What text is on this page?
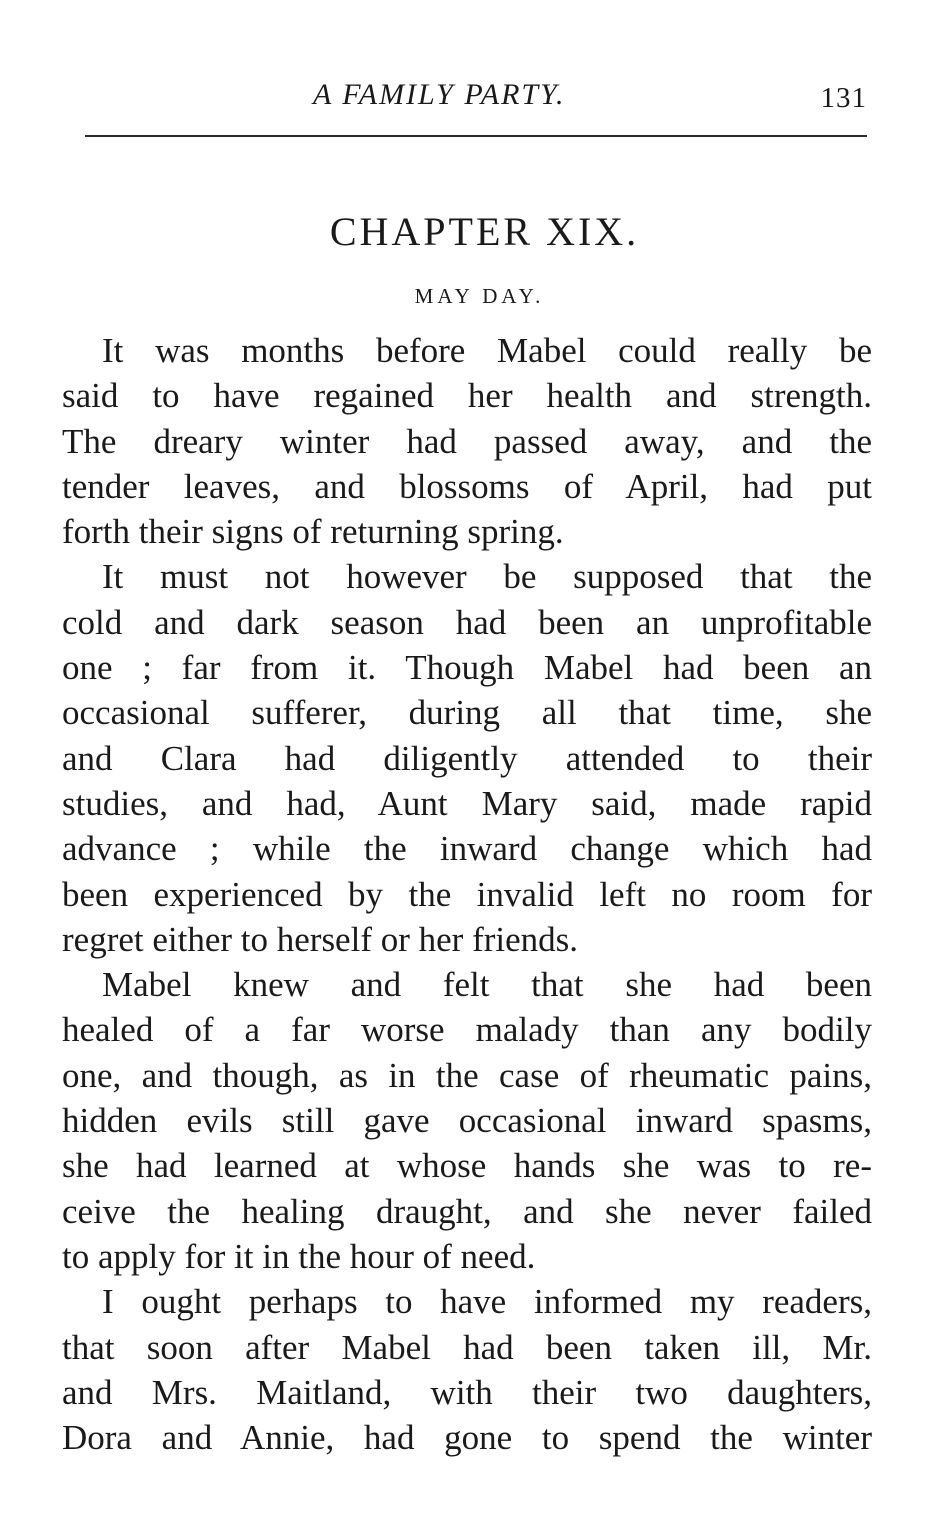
A FAMILY PARTY.	131
CHAPTER XIX.
MAY DAY.
It was months before Mabel could really be
said to have regained her health and strength.
The dreary winter had passed away, and the
tender leaves, and blossoms of April, had put
forth their signs of returning spring.
It must not however be supposed that the
cold and dark season had been an unprofitable
one ; far from it. Though Mabel had been an
occasional sufferer, during all that time, she
and Clara had diligently attended to their
studies, and had, Aunt Mary said, made rapid
advance ; while the inward change which had
been experienced by the invalid left no room for
regret either to herself or her friends.
Mabel knew and felt that she had been
healed of a far worse malady than any bodily
one, and though, as in the case of rheumatic pains,
hidden evils still gave occasional inward spasms,
she had learned at whose hands she was to re-
ceive the healing draught, and she never failed
to apply for it in the hour of need.
I ought perhaps to have informed my readers,
that soon after Mabel had been taken ill, Mr.
and Mrs. Maitland, with their two daughters,
Dora and Annie, had gone to spend the winter
